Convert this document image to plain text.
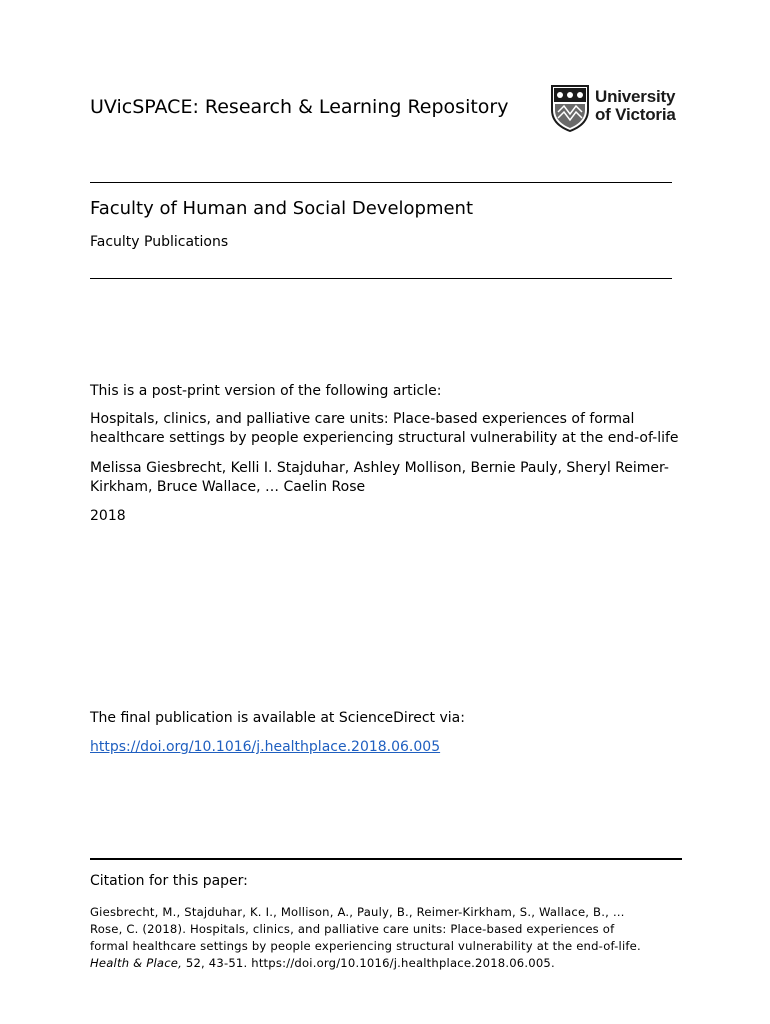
UVicSPACE: Research & Learning Repository	University
of Victoria
Faculty of Human and Social Development
Faculty Publications
This is a post-print version of the following article:
Hospitals, clinics, and palliative care units: Place-based experiences of formal
healthcare settings by people experiencing structural vulnerability at the end-of-life
Melissa Giesbrecht, Kelli I. Stajduhar, Ashley Mollison, Bernie Pauly, Sheryl Reimer-
Kirkham, Bruce Wallace, … Caelin Rose
2018
The final publication is available at ScienceDirect via:
https://doi.org/10.1016/j.healthplace.2018.06.005
Citation for this paper:
Giesbrecht, M., Stajduhar, K. I., Mollison, A., Pauly, B., Reimer-Kirkham, S., Wallace, B., …
Rose, C. (2018). Hospitals, clinics, and palliative care units: Place-based experiences of
formal healthcare settings by people experiencing structural vulnerability at the end-of-life.
Health & Place, 52, 43-51. https://doi.org/10.1016/j.healthplace.2018.06.005.
